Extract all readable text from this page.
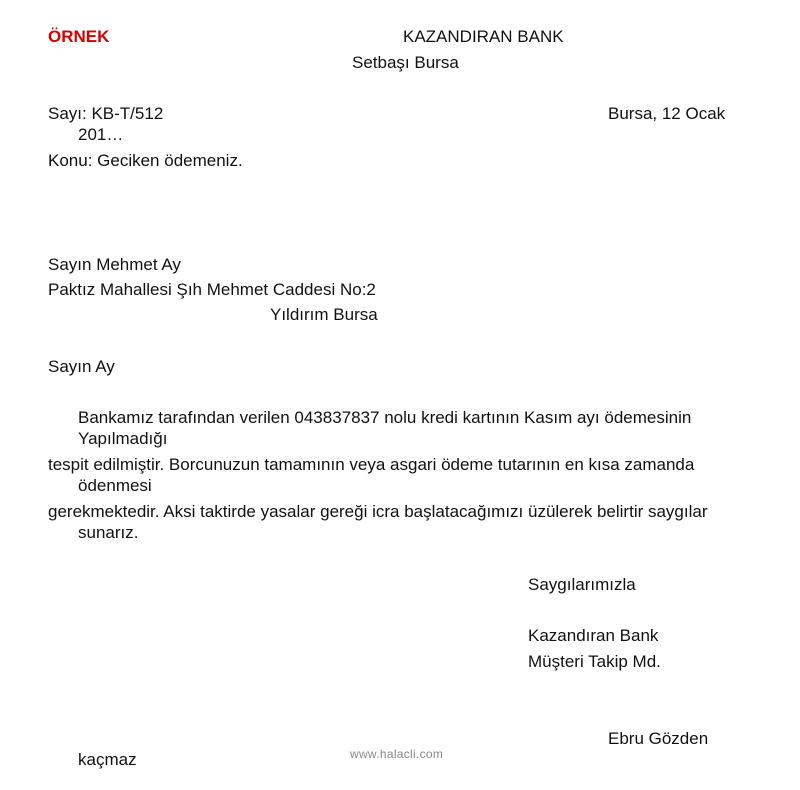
ÖRNEK	KAZANDIRAN BANK
Setbaşı Bursa
Sayı: KB-T/512	Bursa, 12 Ocak
201…
Konu: Geciken ödemeniz.
Sayın Mehmet Ay
Paktız Mahallesi Şıh Mehmet Caddesi No:2
Yıldırım Bursa
Sayın Ay
Bankamız tarafından verilen 043837837 nolu kredi kartının Kasım ayı ödemesinin
Yapılmadığı
tespit edilmiştir. Borcunuzun tamamının veya asgari ödeme tutarının en kısa zamanda
ödenmesi
gerekmektedir. Aksi taktirde yasalar gereği icra başlatacağımızı üzülerek belirtir saygılar
sunarız.
Saygılarımızla
Kazandıran Bank
Müşteri Takip Md.
Ebru Gözden
kaçmaz	www.halacli.com
